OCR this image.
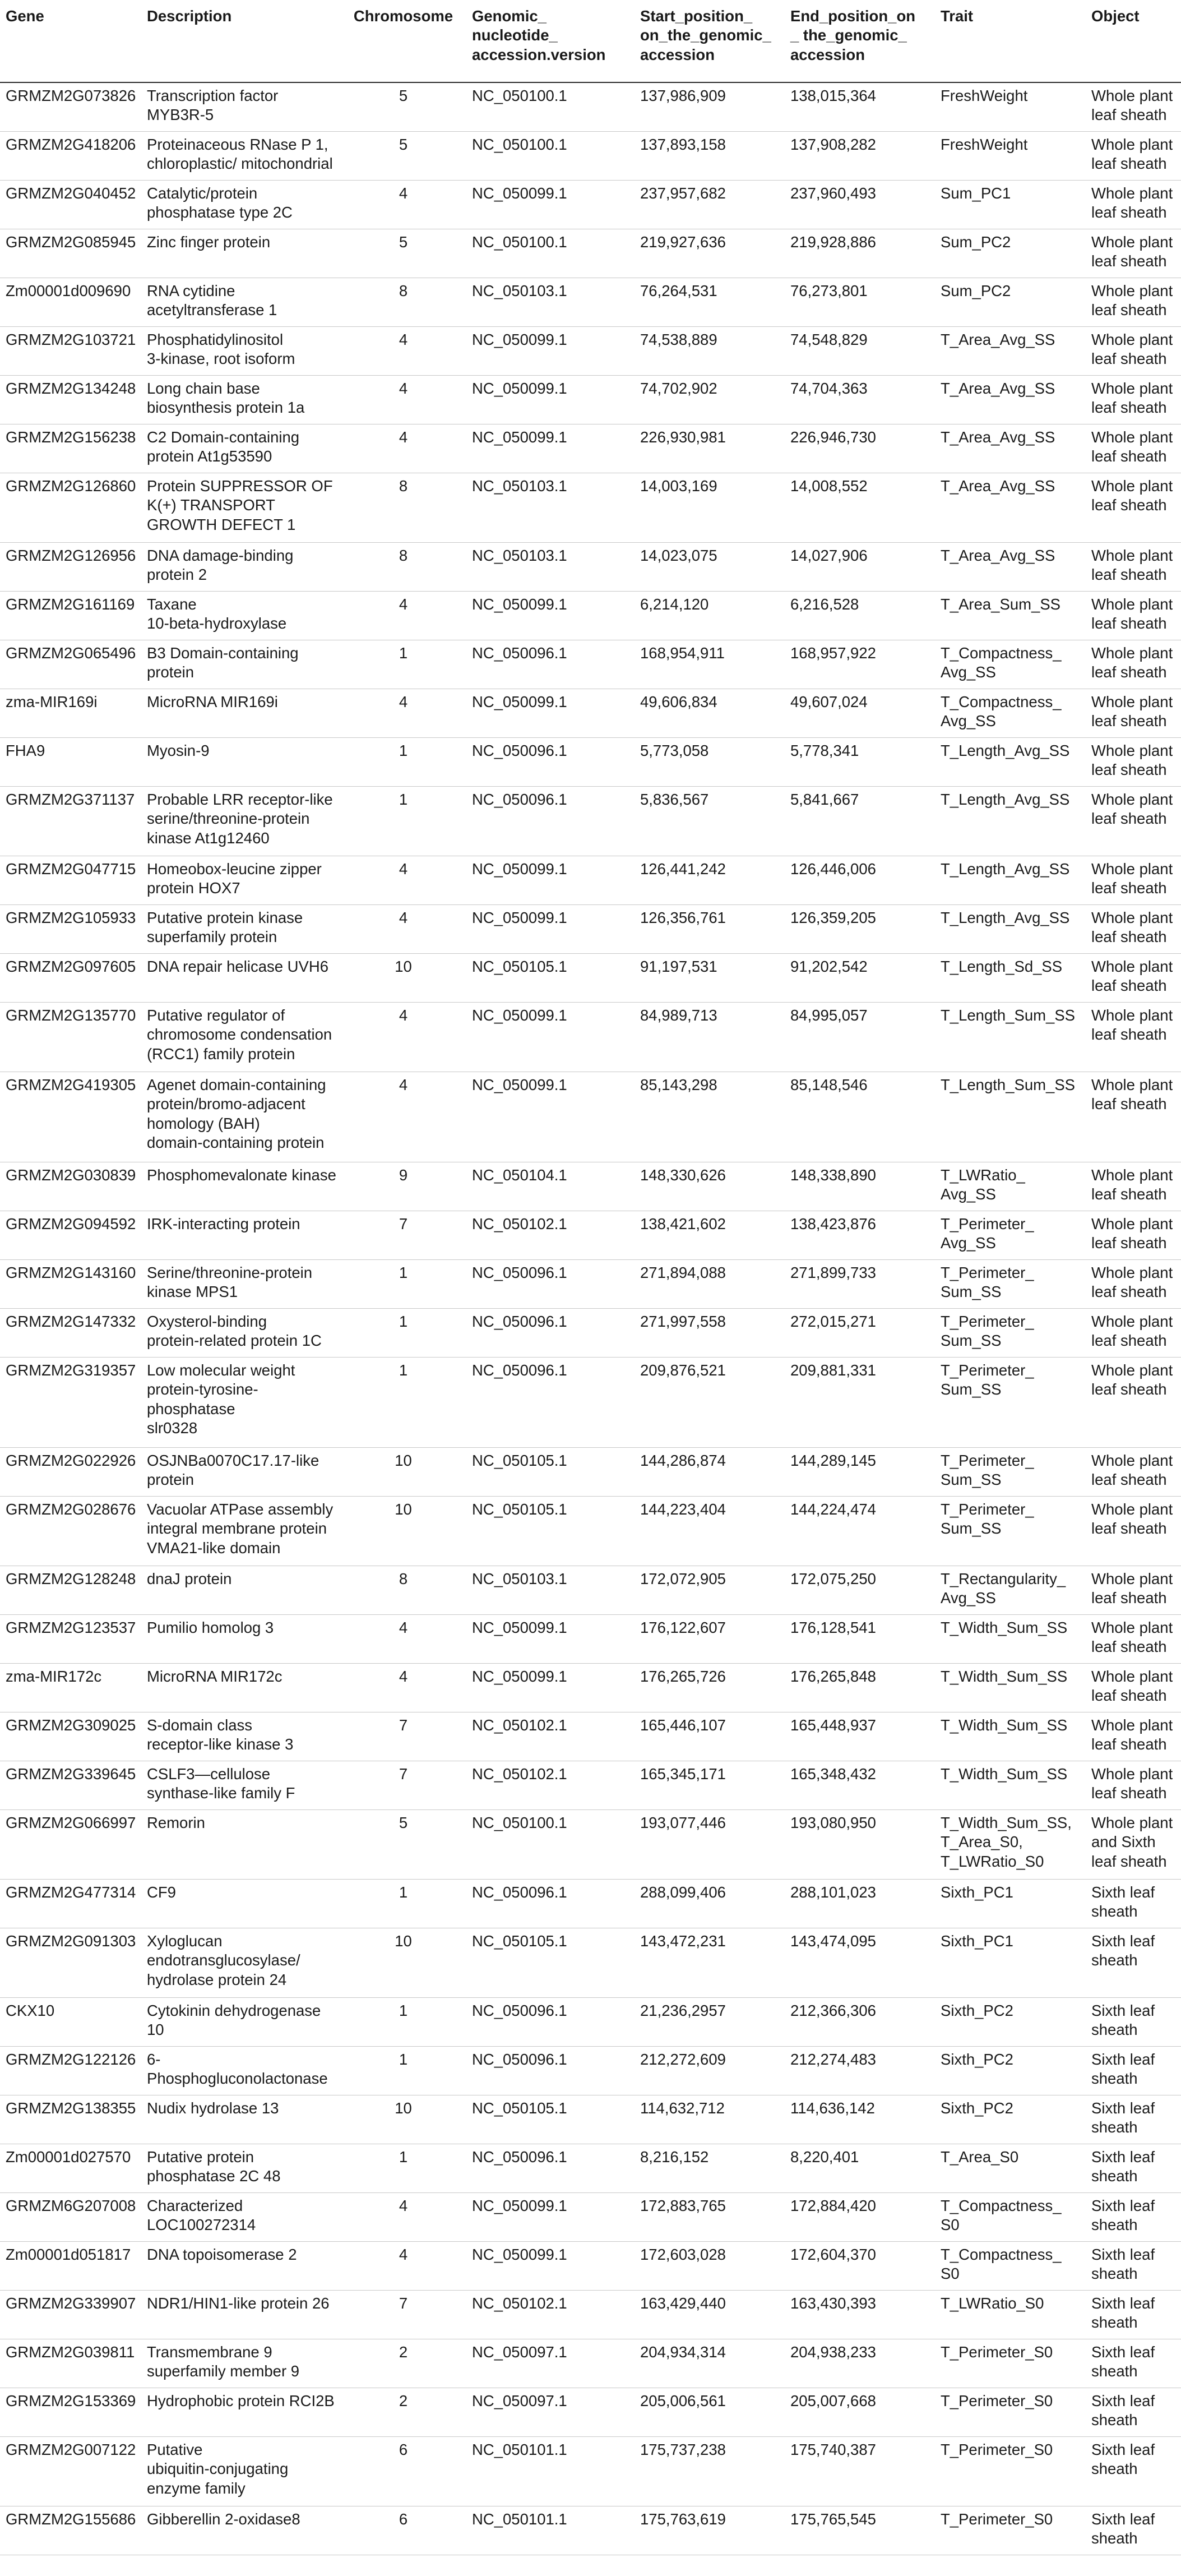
Gene	Description	Chromosome	Genomic_
nucleotide_
accession.version	Start_position_
on_the_genomic_
accession	End_position_on
_ the_genomic_
accession	Trait	Object
GRMZM2G073826	Transcription factor
MYB3R-5	5	NC_050100.1	137,986,909	138,015,364	FreshWeight	Whole plant
leaf sheath
GRMZM2G418206	Proteinaceous RNase P 1,
chloroplastic/ mitochondrial	5	NC_050100.1	137,893,158	137,908,282	FreshWeight	Whole plant
leaf sheath
GRMZM2G040452	Catalytic/protein
phosphatase type 2C	4	NC_050099.1	237,957,682	237,960,493	Sum_PC1	Whole plant
leaf sheath
GRMZM2G085945	Zinc finger protein	5	NC_050100.1	219,927,636	219,928,886	Sum_PC2	Whole plant
leaf sheath
Zm00001d009690	RNA cytidine
acetyltransferase 1	8	NC_050103.1	76,264,531	76,273,801	Sum_PC2	Whole plant
leaf sheath
GRMZM2G103721	Phosphatidylinositol
3-kinase, root isoform	4	NC_050099.1	74,538,889	74,548,829	T_Area_Avg_SS	Whole plant
leaf sheath
GRMZM2G134248	Long chain base
biosynthesis protein 1a	4	NC_050099.1	74,702,902	74,704,363	T_Area_Avg_SS	Whole plant
leaf sheath
GRMZM2G156238	C2 Domain-containing
protein At1g53590	4	NC_050099.1	226,930,981	226,946,730	T_Area_Avg_SS	Whole plant
leaf sheath
GRMZM2G126860	Protein SUPPRESSOR OF
K(+) TRANSPORT
GROWTH DEFECT 1	8	NC_050103.1	14,003,169	14,008,552	T_Area_Avg_SS	Whole plant
leaf sheath
GRMZM2G126956	DNA damage-binding
protein 2	8	NC_050103.1	14,023,075	14,027,906	T_Area_Avg_SS	Whole plant
leaf sheath
GRMZM2G161169	Taxane
10-beta-hydroxylase	4	NC_050099.1	6,214,120	6,216,528	T_Area_Sum_SS	Whole plant
leaf sheath
GRMZM2G065496	B3 Domain-containing
protein	1	NC_050096.1	168,954,911	168,957,922	T_Compactness_
Avg_SS	Whole plant
leaf sheath
zma-MIR169i	MicroRNA MIR169i	4	NC_050099.1	49,606,834	49,607,024	T_Compactness_
Avg_SS	Whole plant
leaf sheath
FHA9	Myosin-9	1	NC_050096.1	5,773,058	5,778,341	T_Length_Avg_SS	Whole plant
leaf sheath
GRMZM2G371137	Probable LRR receptor-like
serine/threonine-protein
kinase At1g12460	1	NC_050096.1	5,836,567	5,841,667	T_Length_Avg_SS	Whole plant
leaf sheath
GRMZM2G047715	Homeobox-leucine zipper
protein HOX7	4	NC_050099.1	126,441,242	126,446,006	T_Length_Avg_SS	Whole plant
leaf sheath
GRMZM2G105933	Putative protein kinase
superfamily protein	4	NC_050099.1	126,356,761	126,359,205	T_Length_Avg_SS	Whole plant
leaf sheath
GRMZM2G097605	DNA repair helicase UVH6	10	NC_050105.1	91,197,531	91,202,542	T_Length_Sd_SS	Whole plant
leaf sheath
GRMZM2G135770	Putative regulator of
chromosome condensation
(RCC1) family protein	4	NC_050099.1	84,989,713	84,995,057	T_Length_Sum_SS	Whole plant
leaf sheath
GRMZM2G419305	Agenet domain-containing
protein/bromo-adjacent
homology (BAH)
domain-containing protein	4	NC_050099.1	85,143,298	85,148,546	T_Length_Sum_SS	Whole plant
leaf sheath
GRMZM2G030839	Phosphomevalonate kinase	9	NC_050104.1	148,330,626	148,338,890	T_LWRatio_
Avg_SS	Whole plant
leaf sheath
GRMZM2G094592	IRK-interacting protein	7	NC_050102.1	138,421,602	138,423,876	T_Perimeter_
Avg_SS	Whole plant
leaf sheath
GRMZM2G143160	Serine/threonine-protein
kinase MPS1	1	NC_050096.1	271,894,088	271,899,733	T_Perimeter_
Sum_SS	Whole plant
leaf sheath
GRMZM2G147332	Oxysterol-binding
protein-related protein 1C	1	NC_050096.1	271,997,558	272,015,271	T_Perimeter_
Sum_SS	Whole plant
leaf sheath
GRMZM2G319357	Low molecular weight
protein-tyrosine-
phosphatase
slr0328	1	NC_050096.1	209,876,521	209,881,331	T_Perimeter_
Sum_SS	Whole plant
leaf sheath
GRMZM2G022926	OSJNBa0070C17.17-like
protein	10	NC_050105.1	144,286,874	144,289,145	T_Perimeter_
Sum_SS	Whole plant
leaf sheath
GRMZM2G028676	Vacuolar ATPase assembly
integral membrane protein
VMA21-like domain	10	NC_050105.1	144,223,404	144,224,474	T_Perimeter_
Sum_SS	Whole plant
leaf sheath
GRMZM2G128248	dnaJ protein	8	NC_050103.1	172,072,905	172,075,250	T_Rectangularity_
Avg_SS	Whole plant
leaf sheath
GRMZM2G123537	Pumilio homolog 3	4	NC_050099.1	176,122,607	176,128,541	T_Width_Sum_SS	Whole plant
leaf sheath
zma-MIR172c	MicroRNA MIR172c	4	NC_050099.1	176,265,726	176,265,848	T_Width_Sum_SS	Whole plant
leaf sheath
GRMZM2G309025	S-domain class
receptor-like kinase 3	7	NC_050102.1	165,446,107	165,448,937	T_Width_Sum_SS	Whole plant
leaf sheath
GRMZM2G339645	CSLF3—cellulose
synthase-like family F	7	NC_050102.1	165,345,171	165,348,432	T_Width_Sum_SS	Whole plant
leaf sheath
GRMZM2G066997	Remorin	5	NC_050100.1	193,077,446	193,080,950	T_Width_Sum_SS,
T_Area_S0,
T_LWRatio_S0	Whole plant
and Sixth
leaf sheath
GRMZM2G477314	CF9	1	NC_050096.1	288,099,406	288,101,023	Sixth_PC1	Sixth leaf
sheath
GRMZM2G091303	Xyloglucan
endotransglucosylase/
hydrolase protein 24	10	NC_050105.1	143,472,231	143,474,095	Sixth_PC1	Sixth leaf
sheath
CKX10	Cytokinin dehydrogenase
10	1	NC_050096.1	21,236,2957	212,366,306	Sixth_PC2	Sixth leaf
sheath
GRMZM2G122126	6-
Phosphogluconolactonase	1	NC_050096.1	212,272,609	212,274,483	Sixth_PC2	Sixth leaf
sheath
GRMZM2G138355	Nudix hydrolase 13	10	NC_050105.1	114,632,712	114,636,142	Sixth_PC2	Sixth leaf
sheath
Zm00001d027570	Putative protein
phosphatase 2C 48	1	NC_050096.1	8,216,152	8,220,401	T_Area_S0	Sixth leaf
sheath
GRMZM6G207008	Characterized
LOC100272314	4	NC_050099.1	172,883,765	172,884,420	T_Compactness_
S0	Sixth leaf
sheath
Zm00001d051817	DNA topoisomerase 2	4	NC_050099.1	172,603,028	172,604,370	T_Compactness_
S0	Sixth leaf
sheath
GRMZM2G339907	NDR1/HIN1-like protein 26	7	NC_050102.1	163,429,440	163,430,393	T_LWRatio_S0	Sixth leaf
sheath
GRMZM2G039811	Transmembrane 9
superfamily member 9	2	NC_050097.1	204,934,314	204,938,233	T_Perimeter_S0	Sixth leaf
sheath
GRMZM2G153369	Hydrophobic protein RCI2B	2	NC_050097.1	205,006,561	205,007,668	T_Perimeter_S0	Sixth leaf
sheath
GRMZM2G007122	Putative
ubiquitin-conjugating
enzyme family	6	NC_050101.1	175,737,238	175,740,387	T_Perimeter_S0	Sixth leaf
sheath
GRMZM2G155686	Gibberellin 2-oxidase8	6	NC_050101.1	175,763,619	175,765,545	T_Perimeter_S0	Sixth leaf
sheath
